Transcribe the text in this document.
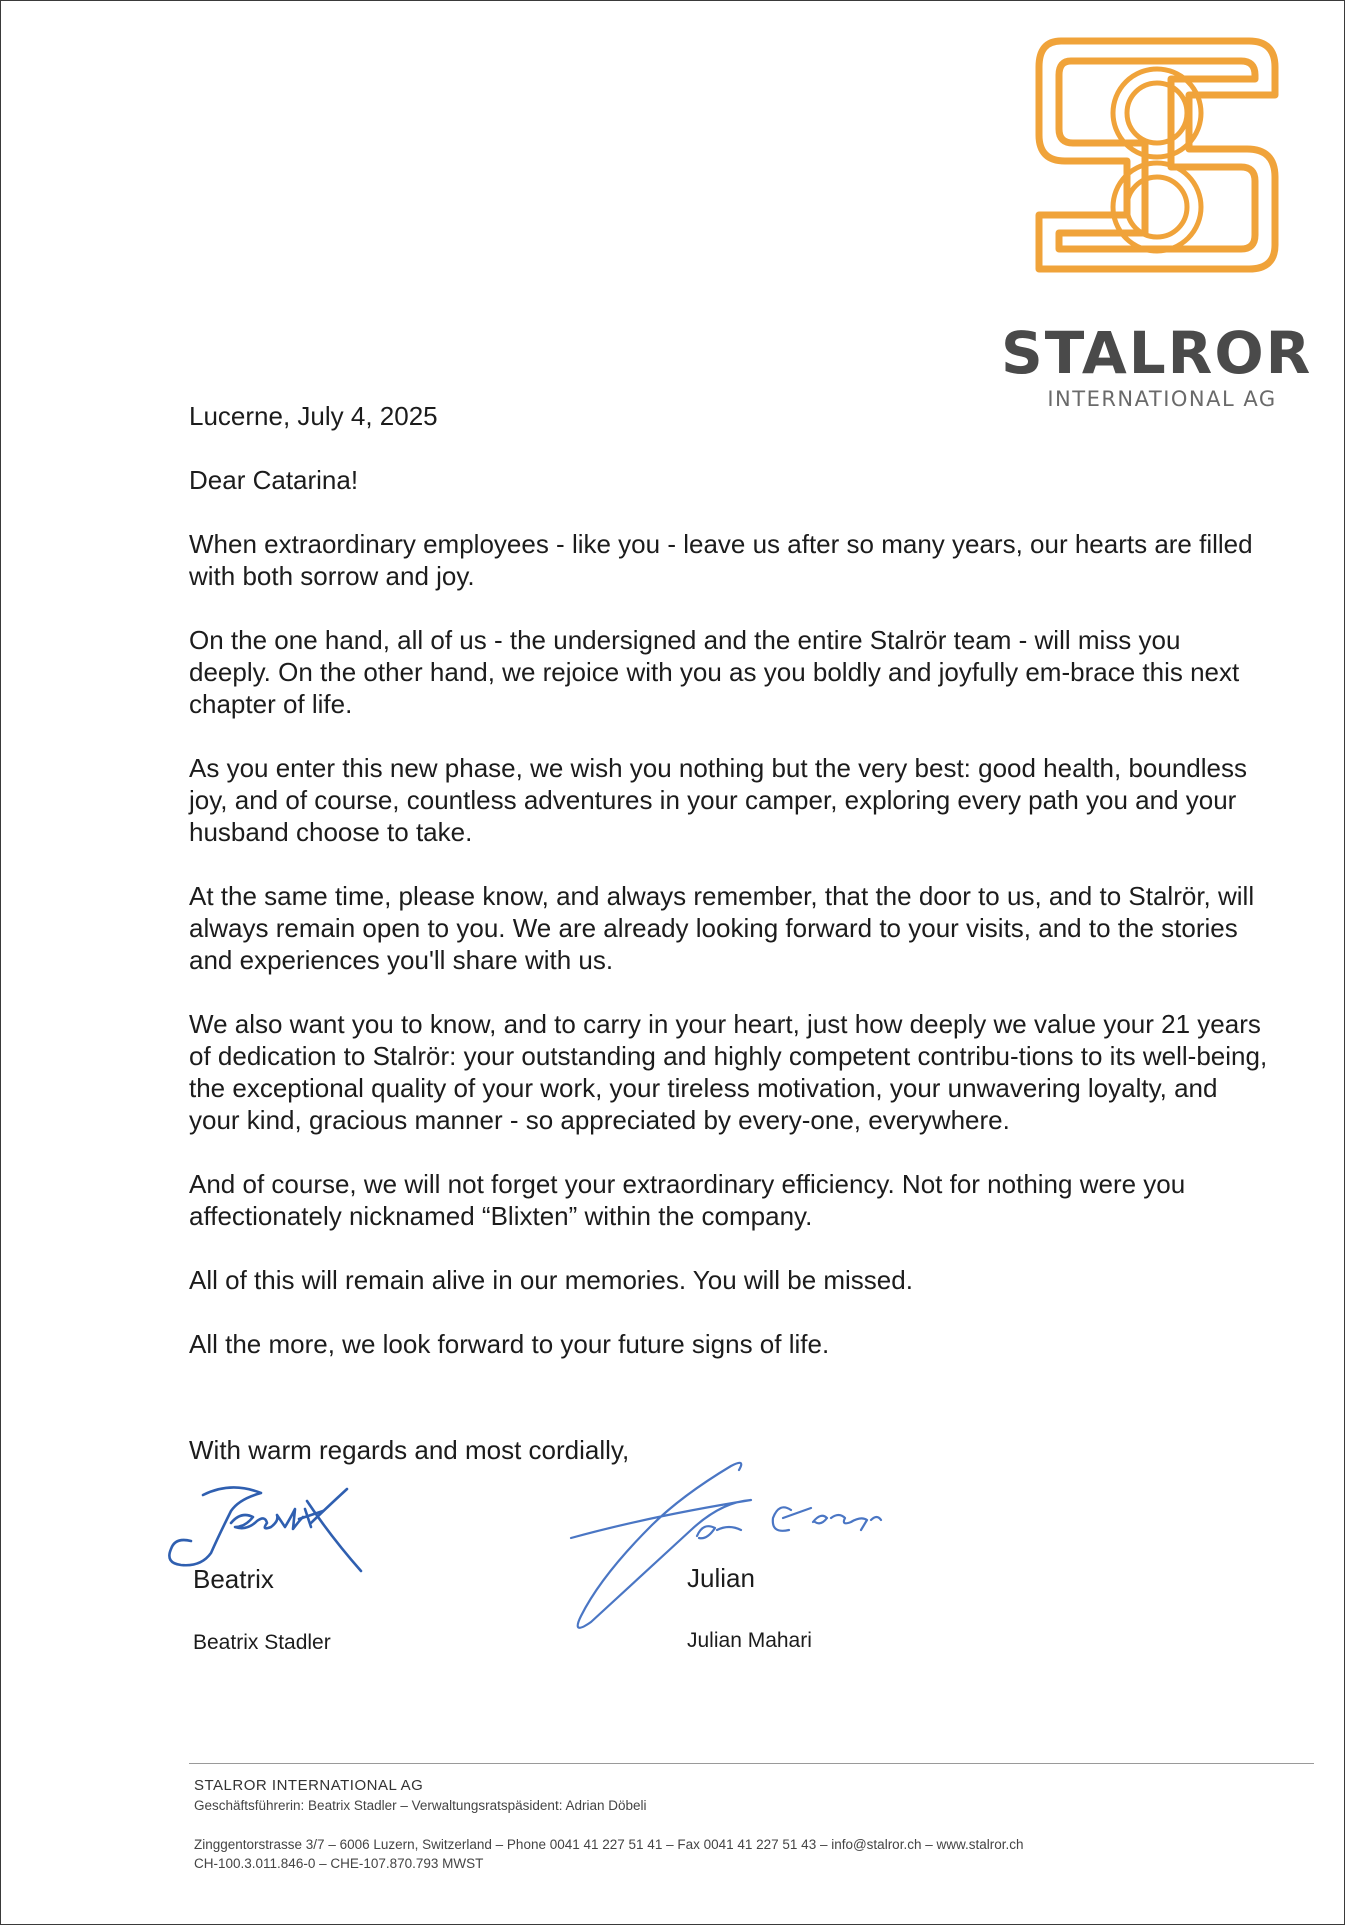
STALROR
INTERNATIONAL AG
Lucerne, July 4, 2025
Dear Catarina!

When extraordinary employees - like you - leave us after so many years, our hearts are filled with both sorrow and joy.

On the one hand, all of us - the undersigned and the entire Stalrör team - will miss you deeply. On the other hand, we rejoice with you as you boldly and joyfully em-brace this next chapter of life.

As you enter this new phase, we wish you nothing but the very best: good health, boundless joy, and of course, countless adventures in your camper, exploring every path you and your husband choose to take.

At the same time, please know, and always remember, that the door to us, and to Stalrör, will always remain open to you. We are already looking forward to your visits, and to the stories and experiences you'll share with us.

We also want you to know, and to carry in your heart, just how deeply we value your 21 years of dedication to Stalrör: your outstanding and highly competent contribu-tions to its well-being, the exceptional quality of your work, your tireless motivation, your unwavering loyalty, and your kind, gracious manner - so appreciated by every-one, everywhere.

And of course, we will not forget your extraordinary efficiency. Not for nothing were you affectionately nicknamed “Blixten” within the company.

All of this will remain alive in our memories. You will be missed.

All the more, we look forward to your future signs of life.

With warm regards and most cordially,
Beatrix
Beatrix Stadler
Julian
Julian Mahari
STALROR INTERNATIONAL AG
Geschäftsführerin: Beatrix Stadler – Verwaltungsratspäsident: Adrian Döbeli
Zinggentorstrasse 3/7 – 6006 Luzern, Switzerland – Phone 0041 41 227 51 41 – Fax 0041 41 227 51 43 – info@stalror.ch – www.stalror.ch
CH-100.3.011.846-0 – CHE-107.870.793 MWST
